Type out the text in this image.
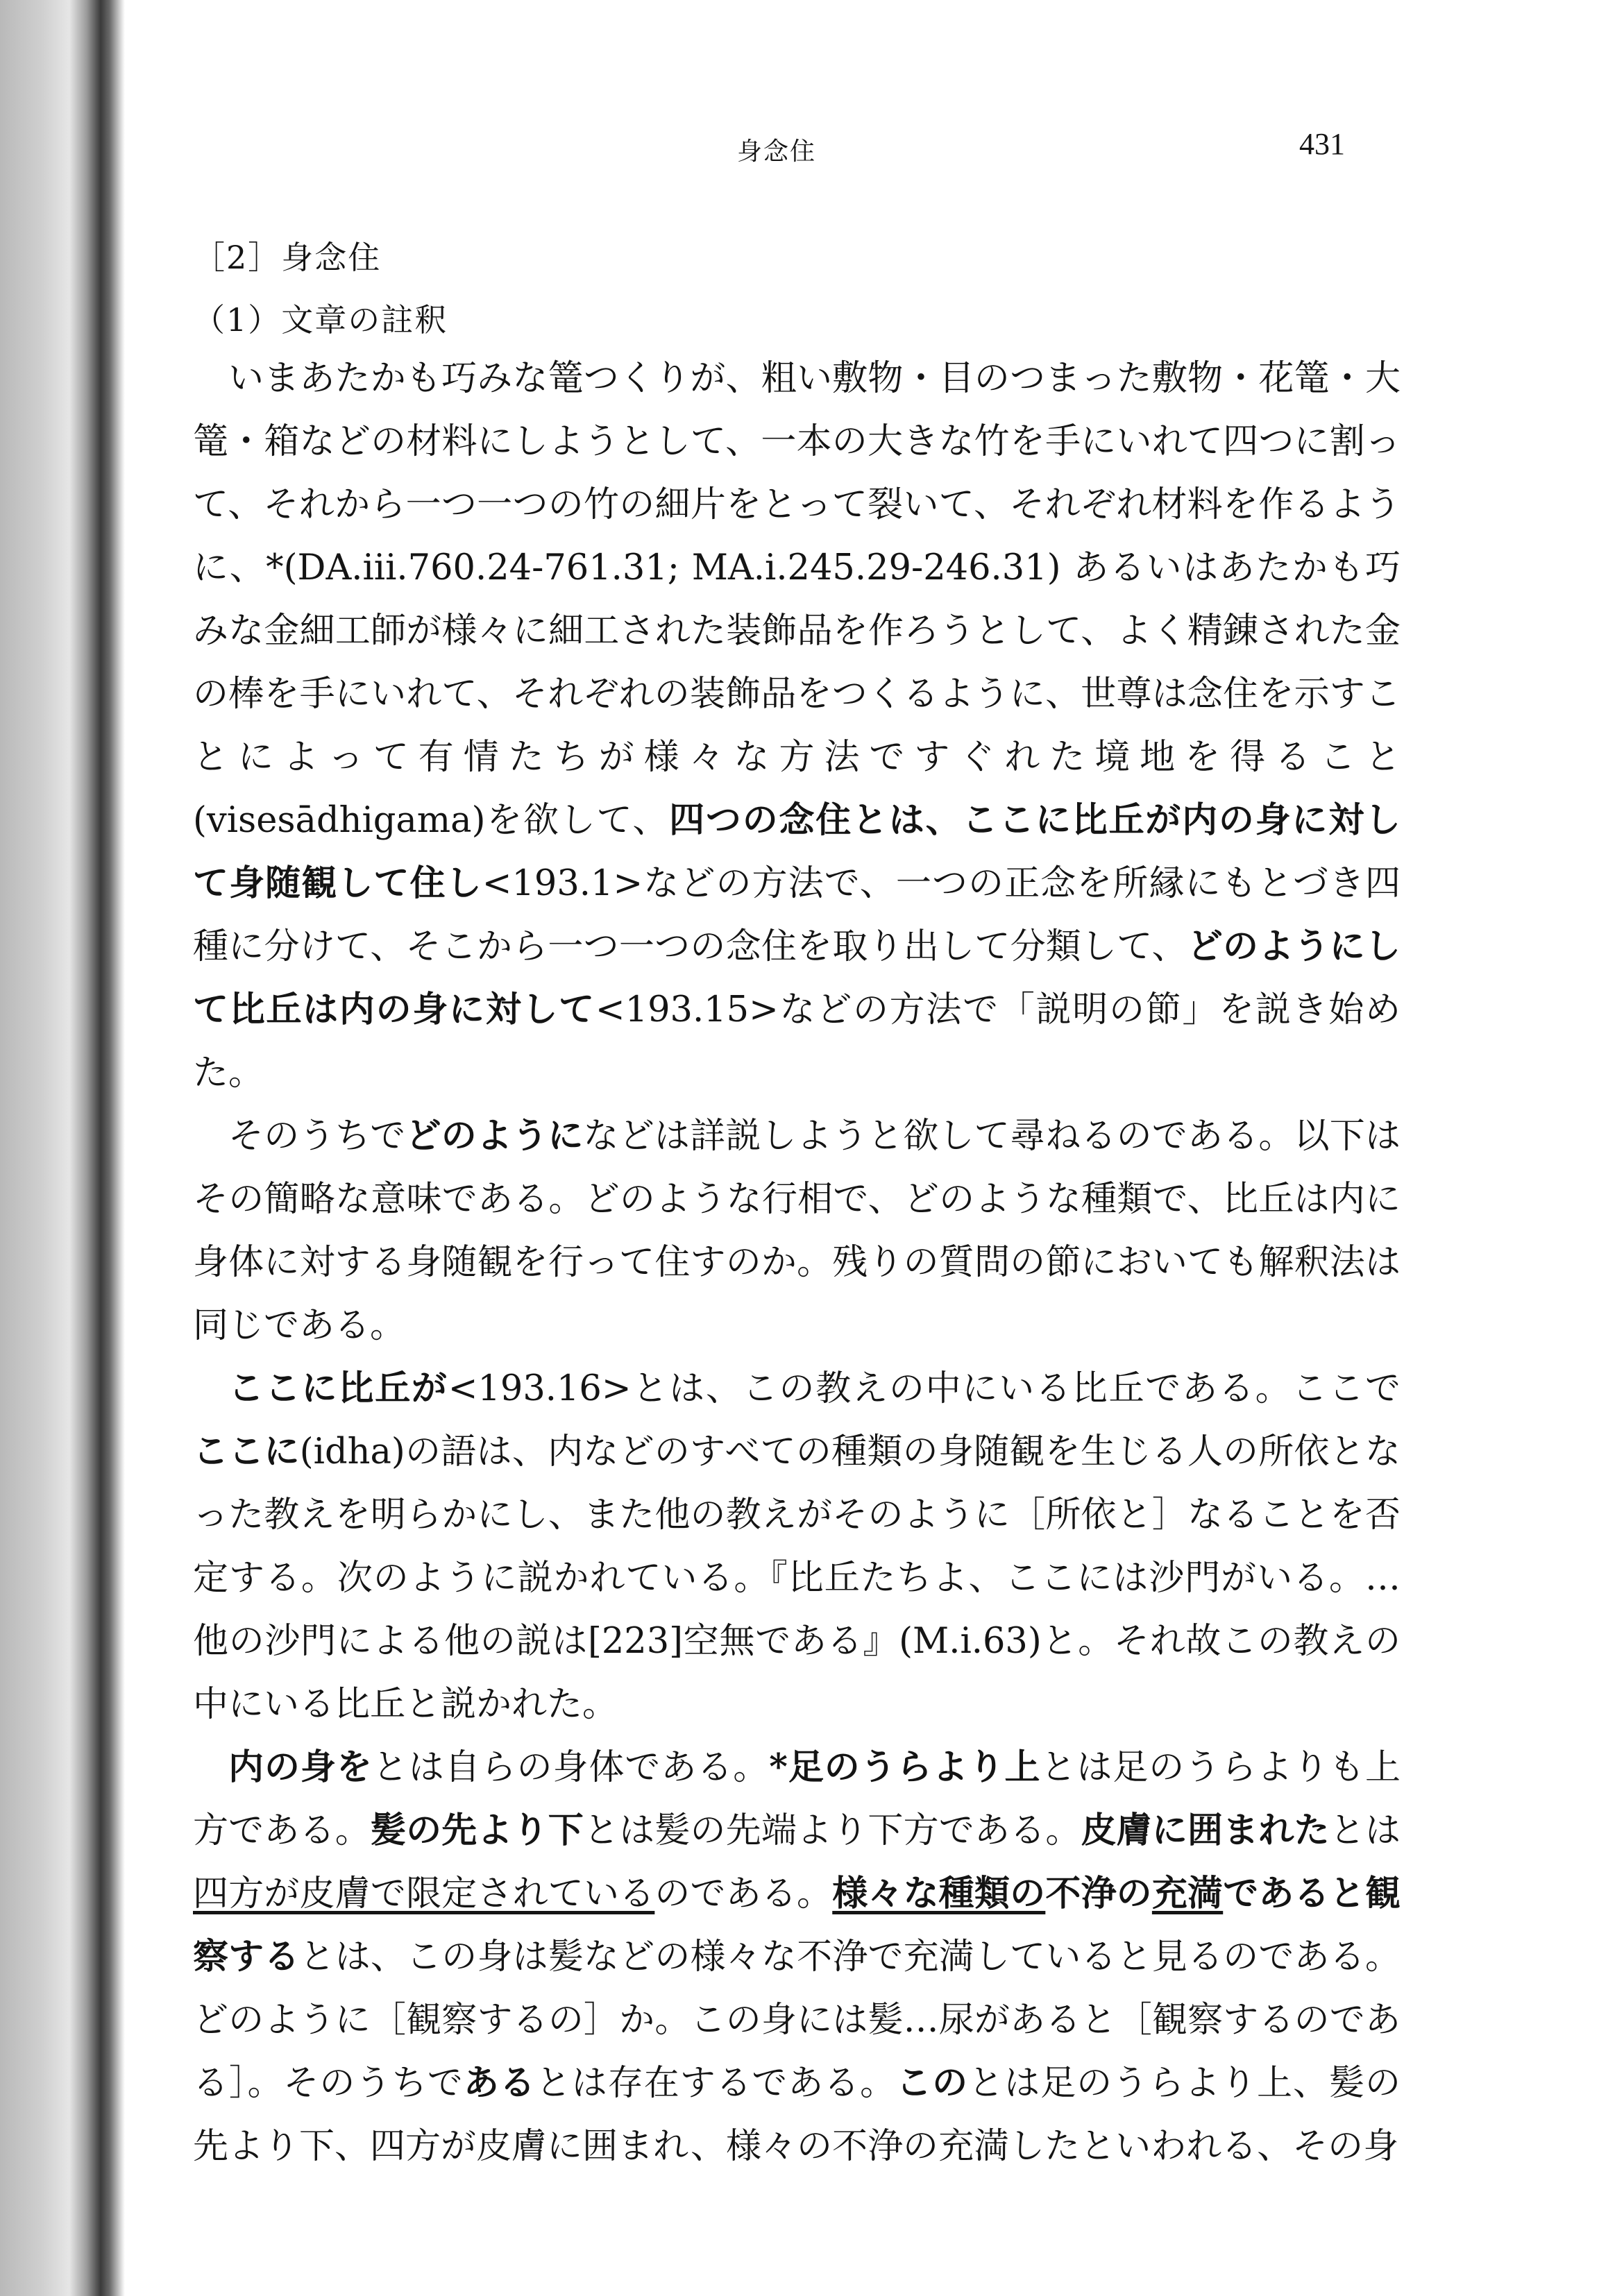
身念住	431
［2］身念住
（1）文章の註釈

いまあたかも巧みな篭つくりが、粗い敷物・目のつまった敷物・花篭・大篭・箱などの材料にしようとして、一本の大きな竹を手にいれて四つに割って、それから一つ一つの竹の細片をとって裂いて、それぞれ材料を作るように、*(DA.iii.760.24-761.31; MA.i.245.29-246.31) あるいはあたかも巧みな金細工師が様々に細工された装飾品を作ろうとして、よく精錬された金の棒を手にいれて、それぞれの装飾品をつくるように、世尊は念住を示すことによって有情たちが様々な方法ですぐれた境地を得ること(visesādhigama)を欲して、四つの念住とは、ここに比丘が内の身に対して身随観して住し<193.1>などの方法で、一つの正念を所縁にもとづき四種に分けて、そこから一つ一つの念住を取り出して分類して、どのようにして比丘は内の身に対して<193.15>などの方法で「説明の節」を説き始めた。

そのうちでどのようになどは詳説しようと欲して尋ねるのである。以下はその簡略な意味である。どのような行相で、どのような種類で、比丘は内に身体に対する身随観を行って住すのか。残りの質問の節においても解釈法は同じである。

ここに比丘が<193.16>とは、この教えの中にいる比丘である。ここでここに(idha)の語は、内などのすべての種類の身随観を生じる人の所依となった教えを明らかにし、また他の教えがそのように［所依と］なることを否定する。次のように説かれている。『比丘たちよ、ここには沙門がいる。…他の沙門による他の説は[223]空無である』(M.i.63)と。それ故この教えの中にいる比丘と説かれた。

内の身をとは自らの身体である。*足のうらより上とは足のうらよりも上方である。髪の先より下とは髪の先端より下方である。皮膚に囲まれたとは四方が皮膚で限定されているのである。様々な種類の不浄の充満であると観察するとは、この身は髪などの様々な不浄で充満していると見るのである。どのように［観察するの］か。この身には髪…尿があると［観察するのである］。そのうちであるとは存在するである。このとは足のうらより上、髪の先より下、四方が皮膚に囲まれ、様々の不浄の充満したといわれる、その身
